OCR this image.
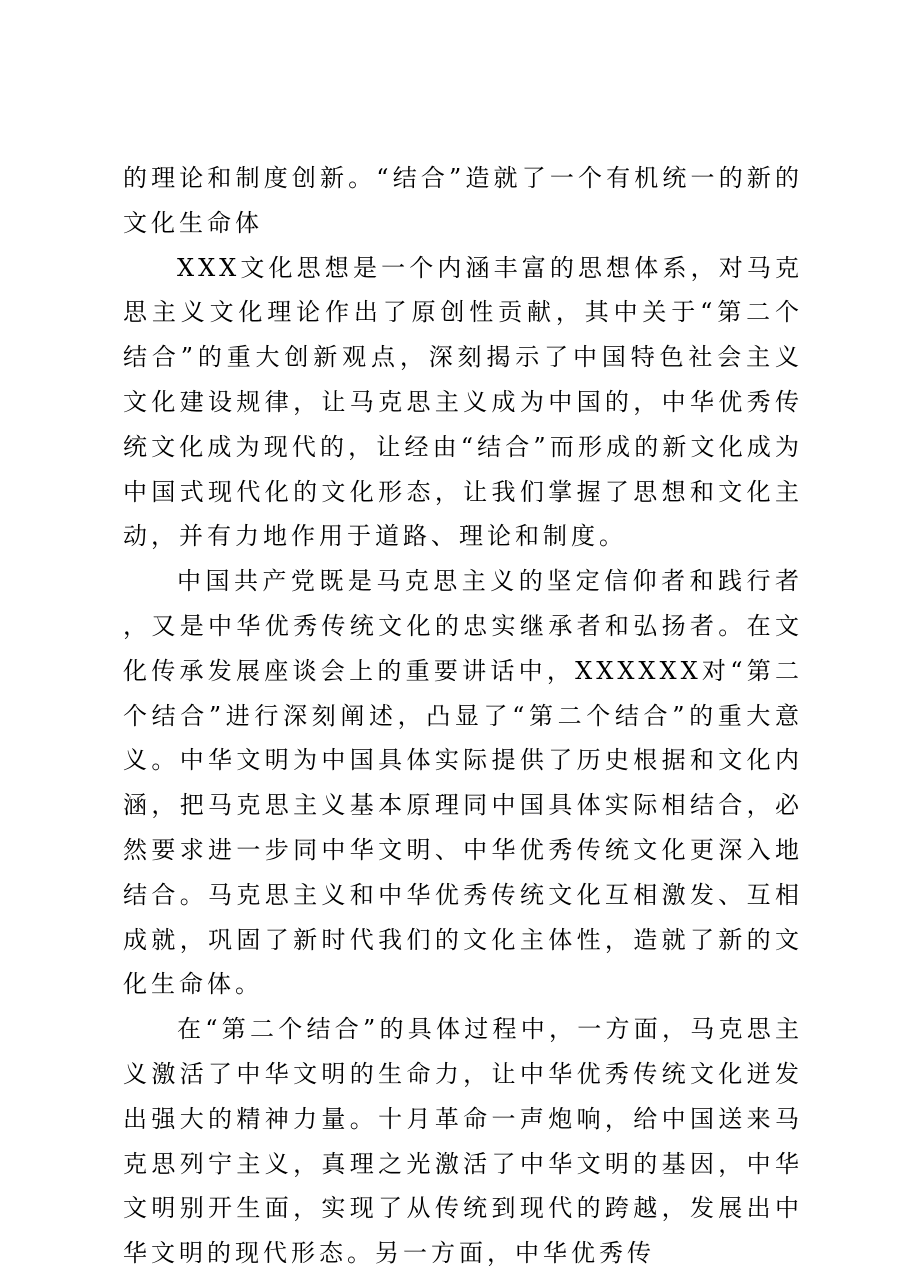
的理论和制度创新。“结合”造就了一个有机统一的新的文化生命体

XXX文化思想是一个内涵丰富的思想体系，对马克思主义文化理论作出了原创性贡献，其中关于“第二个结合”的重大创新观点，深刻揭示了中国特色社会主义文化建设规律，让马克思主义成为中国的，中华优秀传统文化成为现代的，让经由“结合”而形成的新文化成为中国式现代化的文化形态，让我们掌握了思想和文化主动，并有力地作用于道路、理论和制度。

中国共产党既是马克思主义的坚定信仰者和践行者，又是中华优秀传统文化的忠实继承者和弘扬者。在文化传承发展座谈会上的重要讲话中，XXXXXX对“第二个结合”进行深刻阐述，凸显了“第二个结合”的重大意义。中华文明为中国具体实际提供了历史根据和文化内涵，把马克思主义基本原理同中国具体实际相结合，必然要求进一步同中华文明、中华优秀传统文化更深入地结合。马克思主义和中华优秀传统文化互相激发、互相成就，巩固了新时代我们的文化主体性，造就了新的文化生命体。

在“第二个结合”的具体过程中，一方面，马克思主义激活了中华文明的生命力，让中华优秀传统文化迸发出强大的精神力量。十月革命一声炮响，给中国送来马克思列宁主义，真理之光激活了中华文明的基因，中华文明别开生面，实现了从传统到现代的跨越，发展出中华文明的现代形态。另一方面，中华优秀传
